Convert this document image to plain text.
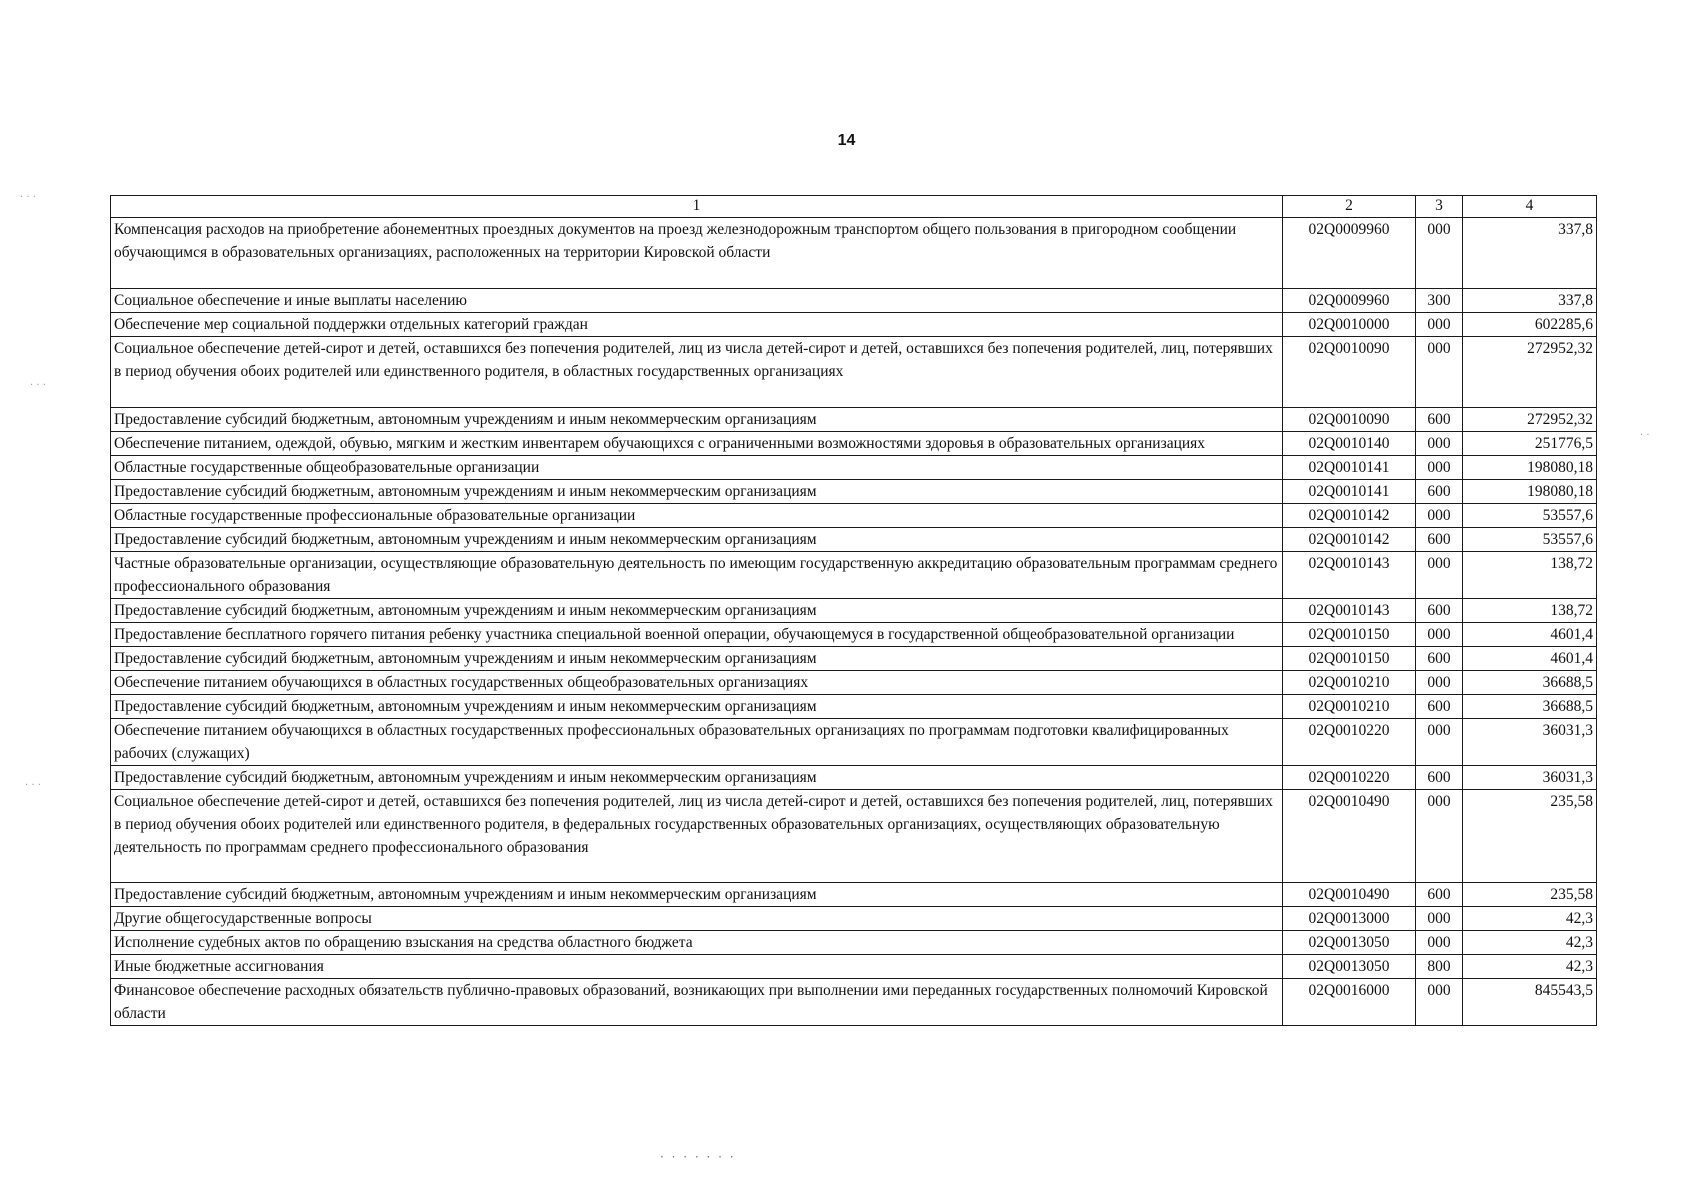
14
1	2	3	4
Компенсация расходов на приобретение абонементных проездных документов на проезд железнодорожным транспортом общего пользования в пригородном сообщении обучающимся в образовательных организациях, расположенных на территории Кировской области	02Q0009960	000	337,8
Социальное обеспечение и иные выплаты населению	02Q0009960	300	337,8
Обеспечение мер социальной поддержки отдельных категорий граждан	02Q0010000	000	602285,6
Социальное обеспечение детей-сирот и детей, оставшихся без попечения родителей, лиц из числа детей-сирот и детей, оставшихся без попечения родителей, лиц, потерявших в период обучения обоих родителей или единственного родителя, в областных государственных организациях	02Q0010090	000	272952,32
Предоставление субсидий бюджетным, автономным учреждениям и иным некоммерческим организациям	02Q0010090	600	272952,32
Обеспечение питанием, одеждой, обувью, мягким и жестким инвентарем обучающихся с ограниченными возможностями здоровья в образовательных организациях	02Q0010140	000	251776,5
Областные государственные общеобразовательные организации	02Q0010141	000	198080,18
Предоставление субсидий бюджетным, автономным учреждениям и иным некоммерческим организациям	02Q0010141	600	198080,18
Областные государственные профессиональные образовательные организации	02Q0010142	000	53557,6
Предоставление субсидий бюджетным, автономным учреждениям и иным некоммерческим организациям	02Q0010142	600	53557,6
Частные образовательные организации, осуществляющие образовательную деятельность по имеющим государственную аккредитацию образовательным программам среднего профессионального образования	02Q0010143	000	138,72
Предоставление субсидий бюджетным, автономным учреждениям и иным некоммерческим организациям	02Q0010143	600	138,72
Предоставление бесплатного горячего питания ребенку участника специальной военной операции, обучающемуся в государственной общеобразовательной организации	02Q0010150	000	4601,4
Предоставление субсидий бюджетным, автономным учреждениям и иным некоммерческим организациям	02Q0010150	600	4601,4
Обеспечение питанием обучающихся в областных государственных общеобразовательных организациях	02Q0010210	000	36688,5
Предоставление субсидий бюджетным, автономным учреждениям и иным некоммерческим организациям	02Q0010210	600	36688,5
Обеспечение питанием обучающихся в областных государственных профессиональных образовательных организациях по программам подготовки квалифицированных рабочих (служащих)	02Q0010220	000	36031,3
Предоставление субсидий бюджетным, автономным учреждениям и иным некоммерческим организациям	02Q0010220	600	36031,3
Социальное обеспечение детей-сирот и детей, оставшихся без попечения родителей, лиц из числа детей-сирот и детей, оставшихся без попечения родителей, лиц, потерявших в период обучения обоих родителей или единственного родителя, в федеральных государственных образовательных организациях, осуществляющих образовательную деятельность по программам среднего профессионального образования	02Q0010490	000	235,58
Предоставление субсидий бюджетным, автономным учреждениям и иным некоммерческим организациям	02Q0010490	600	235,58
Другие общегосударственные вопросы	02Q0013000	000	42,3
Исполнение судебных актов по обращению взыскания на средства областного бюджета	02Q0013050	000	42,3
Иные бюджетные ассигнования	02Q0013050	800	42,3
Финансовое обеспечение расходных обязательств публично-правовых образований, возникающих при выполнении ими переданных государственных полномочий Кировской области	02Q0016000	000	845543,5
· · ·
· · ·
· · ·
· ·
· · · · · · ·
